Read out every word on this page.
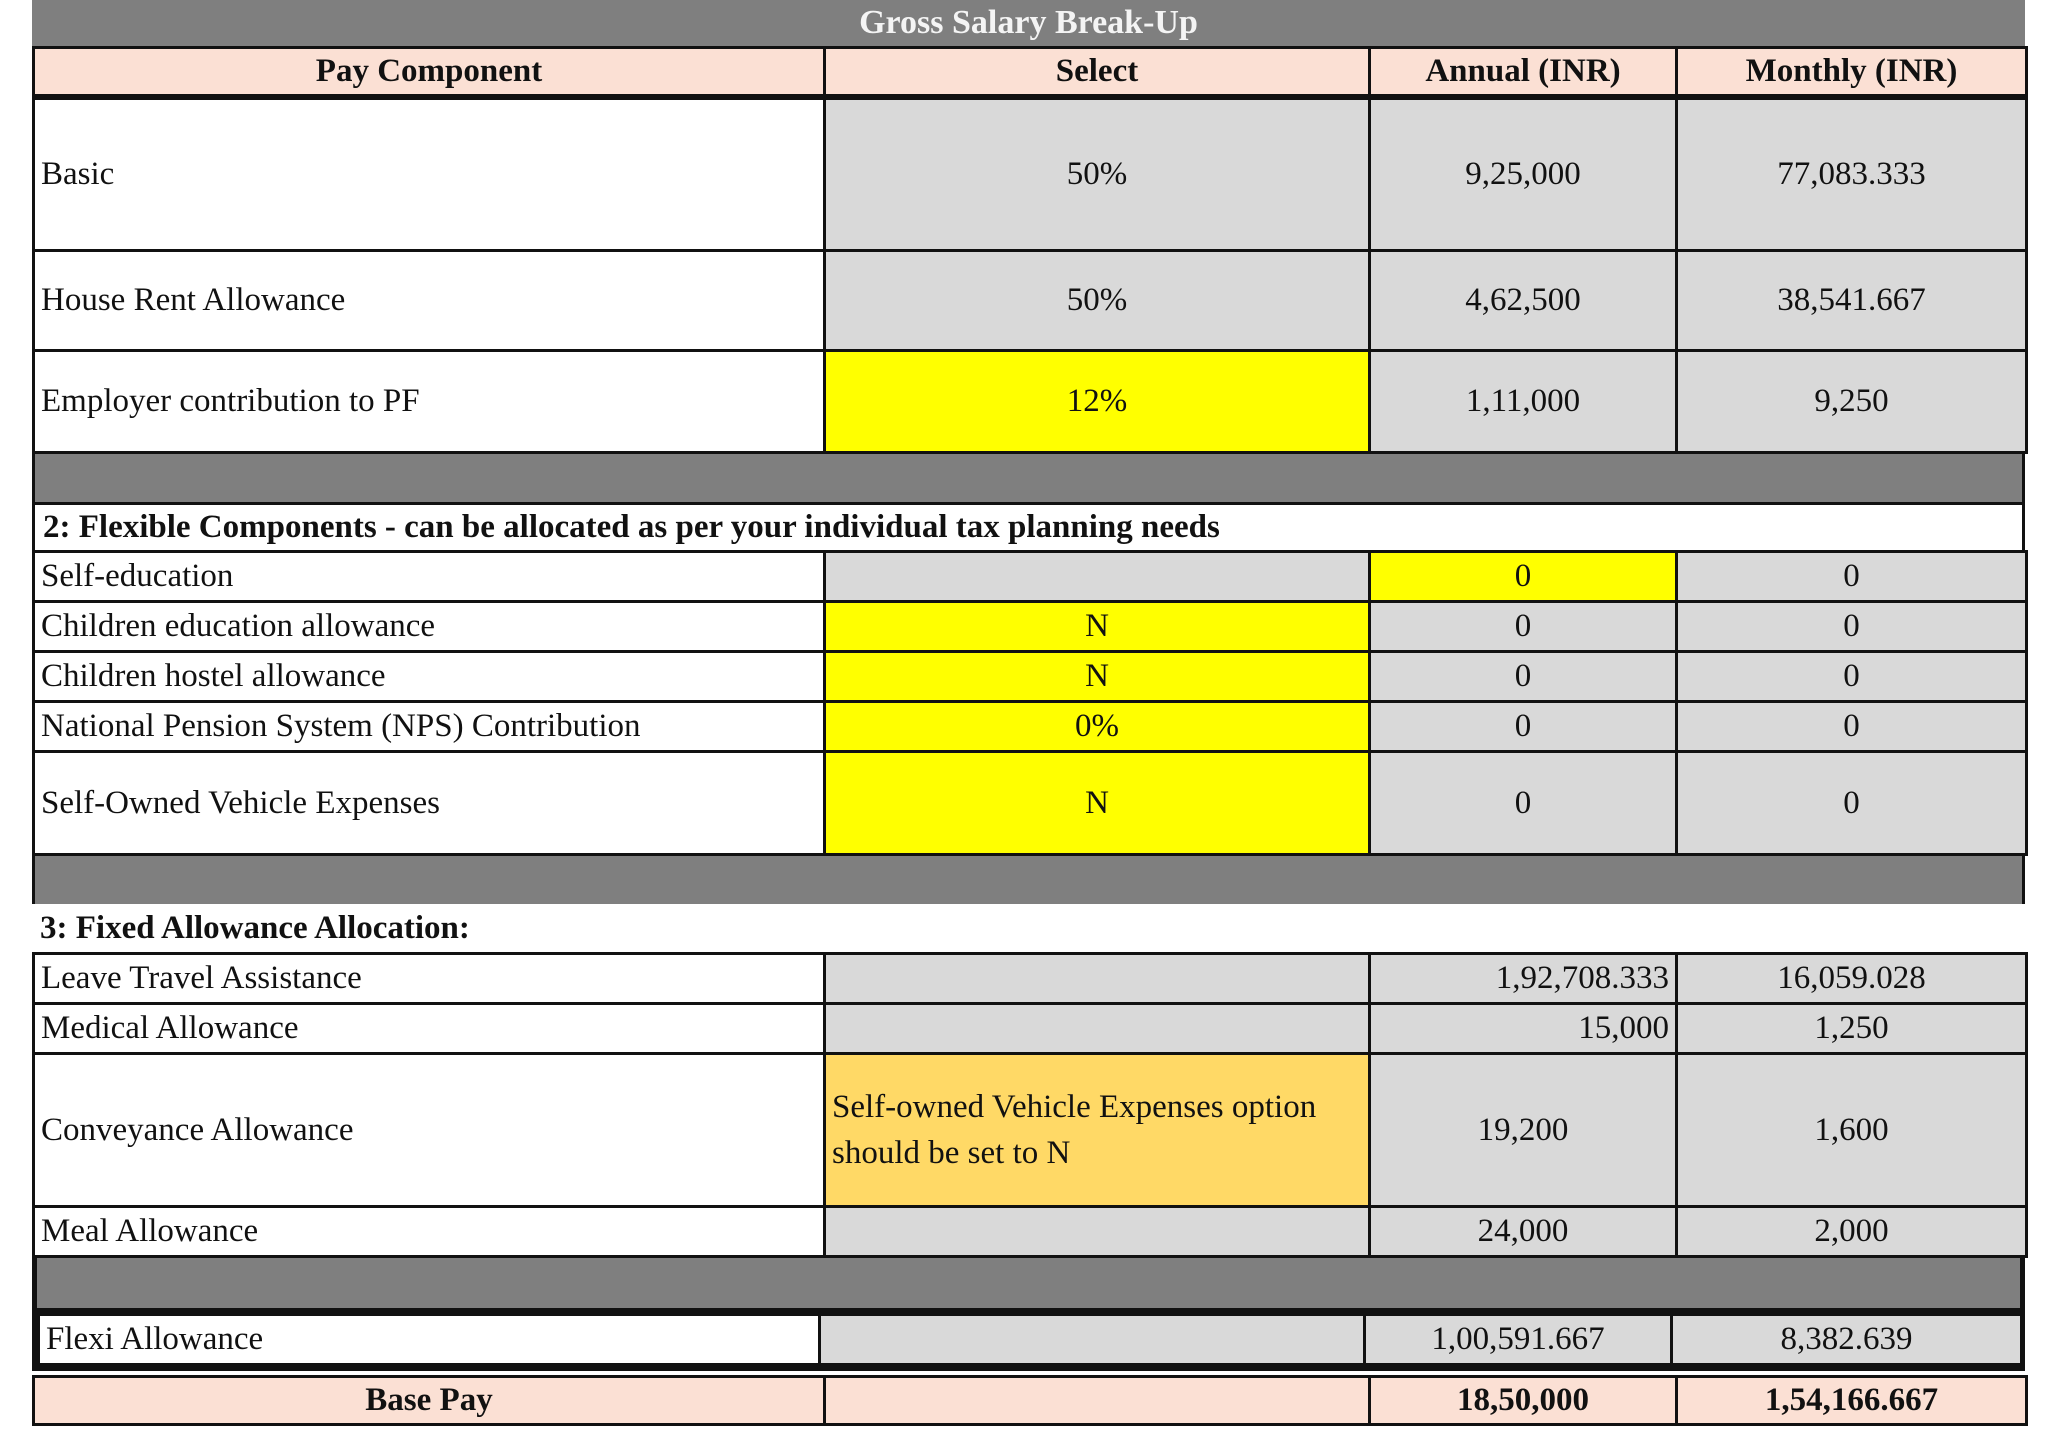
Gross Salary Break-Up
Pay Component	Select	Annual (INR)	Monthly (INR)
Basic	50%	9,25,000	77,083.333
House Rent Allowance	50%	4,62,500	38,541.667
Employer contribution to PF	12%	1,11,000	9,250
2: Flexible Components - can be allocated as per your individual tax planning needs
Self-education		0	0
Children education allowance	N	0	0
Children hostel allowance	N	0	0
National Pension System (NPS) Contribution	0%	0	0
Self-Owned Vehicle Expenses	N	0	0
3: Fixed Allowance Allocation:
Leave Travel Assistance		1,92,708.333	16,059.028
Medical Allowance		15,000	1,250
Conveyance Allowance	Self-owned Vehicle Expenses option should be set to N	19,200	1,600
Meal Allowance		24,000	2,000
Flexi Allowance		1,00,591.667	8,382.639
Base Pay		18,50,000	1,54,166.667
